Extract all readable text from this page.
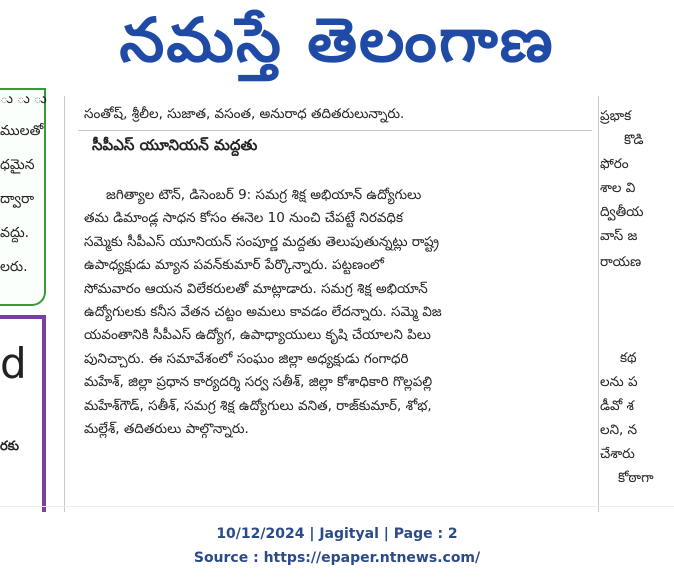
నమస్తే తెలంగాణ
ు ు ు
ములతో
ధమైన
ద్వారా
వద్దు.
లరు.
d
రకు
సంతోష్, శ్రీలీల, సుజాత, వసంత, అనురాధ తదితరులున్నారు.
సీపీఎస్ యూనియన్ మద్దతు
జగిత్యాల టౌన్, డిసెంబర్ 9: సమగ్ర శిక్ష అభియాన్ ఉద్యోగులు
తమ డిమాండ్ల సాధన కోసం ఈనెల 10 నుంచి చేపట్టే నిరవధిక
సమ్మెకు సీపీఎస్ యూనియన్ సంపూర్ణ మద్దతు తెలుపుతున్నట్లు రాష్ట్ర
ఉపాధ్యక్షుడు మ్యాన పవన్‌కుమార్ పేర్కొన్నారు. పట్టణంలో
సోమవారం ఆయన విలేకరులతో మాట్లాడారు. సమగ్ర శిక్ష అభియాన్
ఉద్యోగులకు కనీస వేతన చట్టం అమలు కావడం లేదన్నారు. సమ్మె విజ
యవంతానికి సీపీఎస్ ఉద్యోగ, ఉపాధ్యాయులు కృషి చేయాలని పిలు
పునిచ్చారు. ఈ సమావేశంలో సంఘం జిల్లా అధ్యక్షుడు గంగాధరి
మహేశ్, జిల్లా ప్రధాన కార్యదర్శి సర్వ సతీశ్, జిల్లా కోశాధికారి గొల్లపల్లి
మహేశ్‌గౌడ్, సతీశ్, సమగ్ర శిక్ష ఉద్యోగులు వనిత, రాజ్‌కుమార్, శోభ,
మల్లేశ్, తదితరులు పాల్గొన్నారు.
ప్రభాక
కొడి
ఫోరం
శాల వి
ద్వితీయ
వాస్ జ
రాయణ
కథ
లను ప
డీవో శ
లని, న
చేశారు
కోఠాగా
10/12/2024 | Jagityal | Page : 2
Source : https://epaper.ntnews.com/
